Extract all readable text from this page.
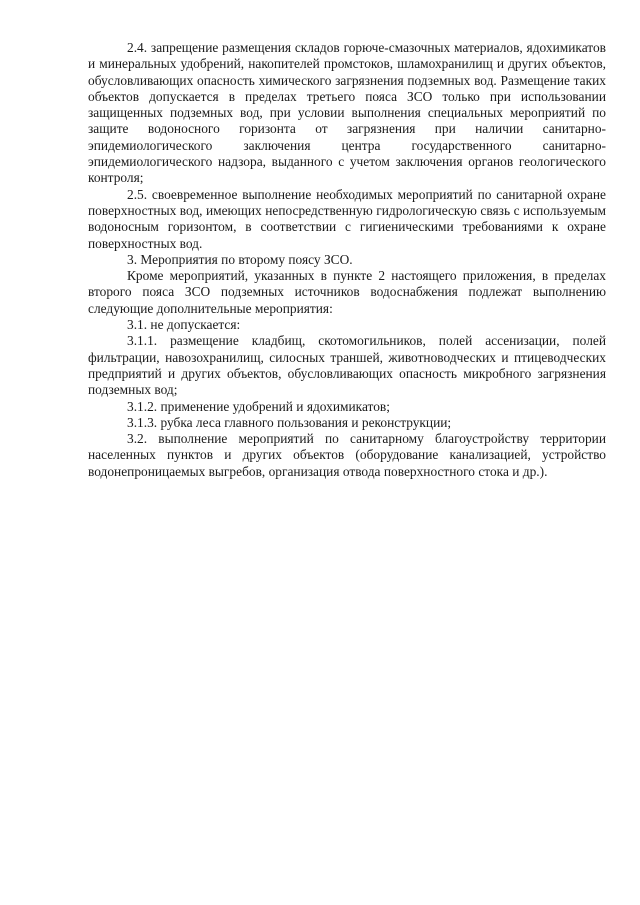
2.4. запрещение размещения складов горюче-смазочных материалов, ядохимикатов и минеральных удобрений, накопителей промстоков, шламохранилищ и других объектов, обусловливающих опасность химического загрязнения подземных вод. Размещение таких объектов допускается в пределах третьего пояса ЗСО только при использовании защищенных подземных вод, при условии выполнения специальных мероприятий по защите водоносного горизонта от загрязнения при наличии санитарно-эпидемиологического заключения центра государственного санитарно-эпидемиологического надзора, выданного с учетом заключения органов геологического контроля;

2.5. своевременное выполнение необходимых мероприятий по санитарной охране поверхностных вод, имеющих непосредственную гидрологическую связь с используемым водоносным горизонтом, в соответствии с гигиеническими требованиями к охране поверхностных вод.

3. Мероприятия по второму поясу ЗСО.

Кроме мероприятий, указанных в пункте 2 настоящего приложения, в пределах второго пояса ЗСО подземных источников водоснабжения подлежат выполнению следующие дополнительные мероприятия:

3.1. не допускается:

3.1.1. размещение кладбищ, скотомогильников, полей ассенизации, полей фильтрации, навозохранилищ, силосных траншей, животноводческих и птицеводческих предприятий и других объектов, обусловливающих опасность микробного загрязнения подземных вод;

3.1.2. применение удобрений и ядохимикатов;

3.1.3. рубка леса главного пользования и реконструкции;

3.2. выполнение мероприятий по санитарному благоустройству территории населенных пунктов и других объектов (оборудование канализацией, устройство водонепроницаемых выгребов, организация отвода поверхностного стока и др.).
